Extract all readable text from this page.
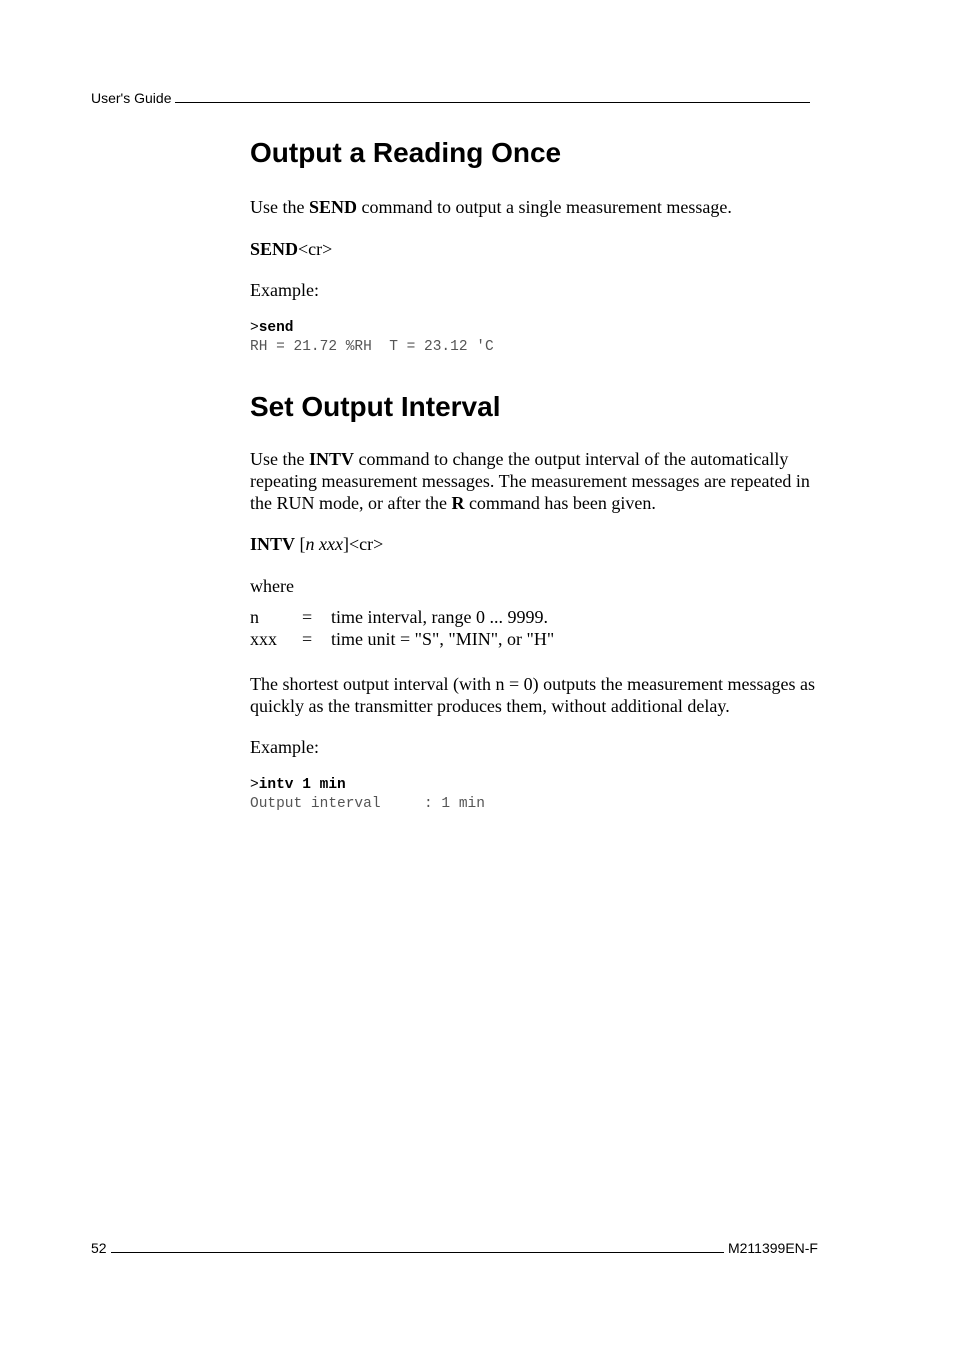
User's Guide
Output a Reading Once

Use the SEND command to output a single measurement message.

SEND<cr>

Example:

>send
RH = 21.72 %RH  T = 23.12 'C
Set Output Interval

Use the INTV command to change the output interval of the automatically repeating measurement messages. The measurement messages are repeated in the RUN mode, or after the R command has been given.

INTV [n xxx]<cr>

where

n	=	time interval, range 0 ... 9999.
xxx	=	time unit = "S", "MIN", or "H"

The shortest output interval (with n = 0) outputs the measurement messages as quickly as the transmitter produces them, without additional delay.

Example:

>intv 1 min
Output interval     : 1 min
52	M211399EN-F
